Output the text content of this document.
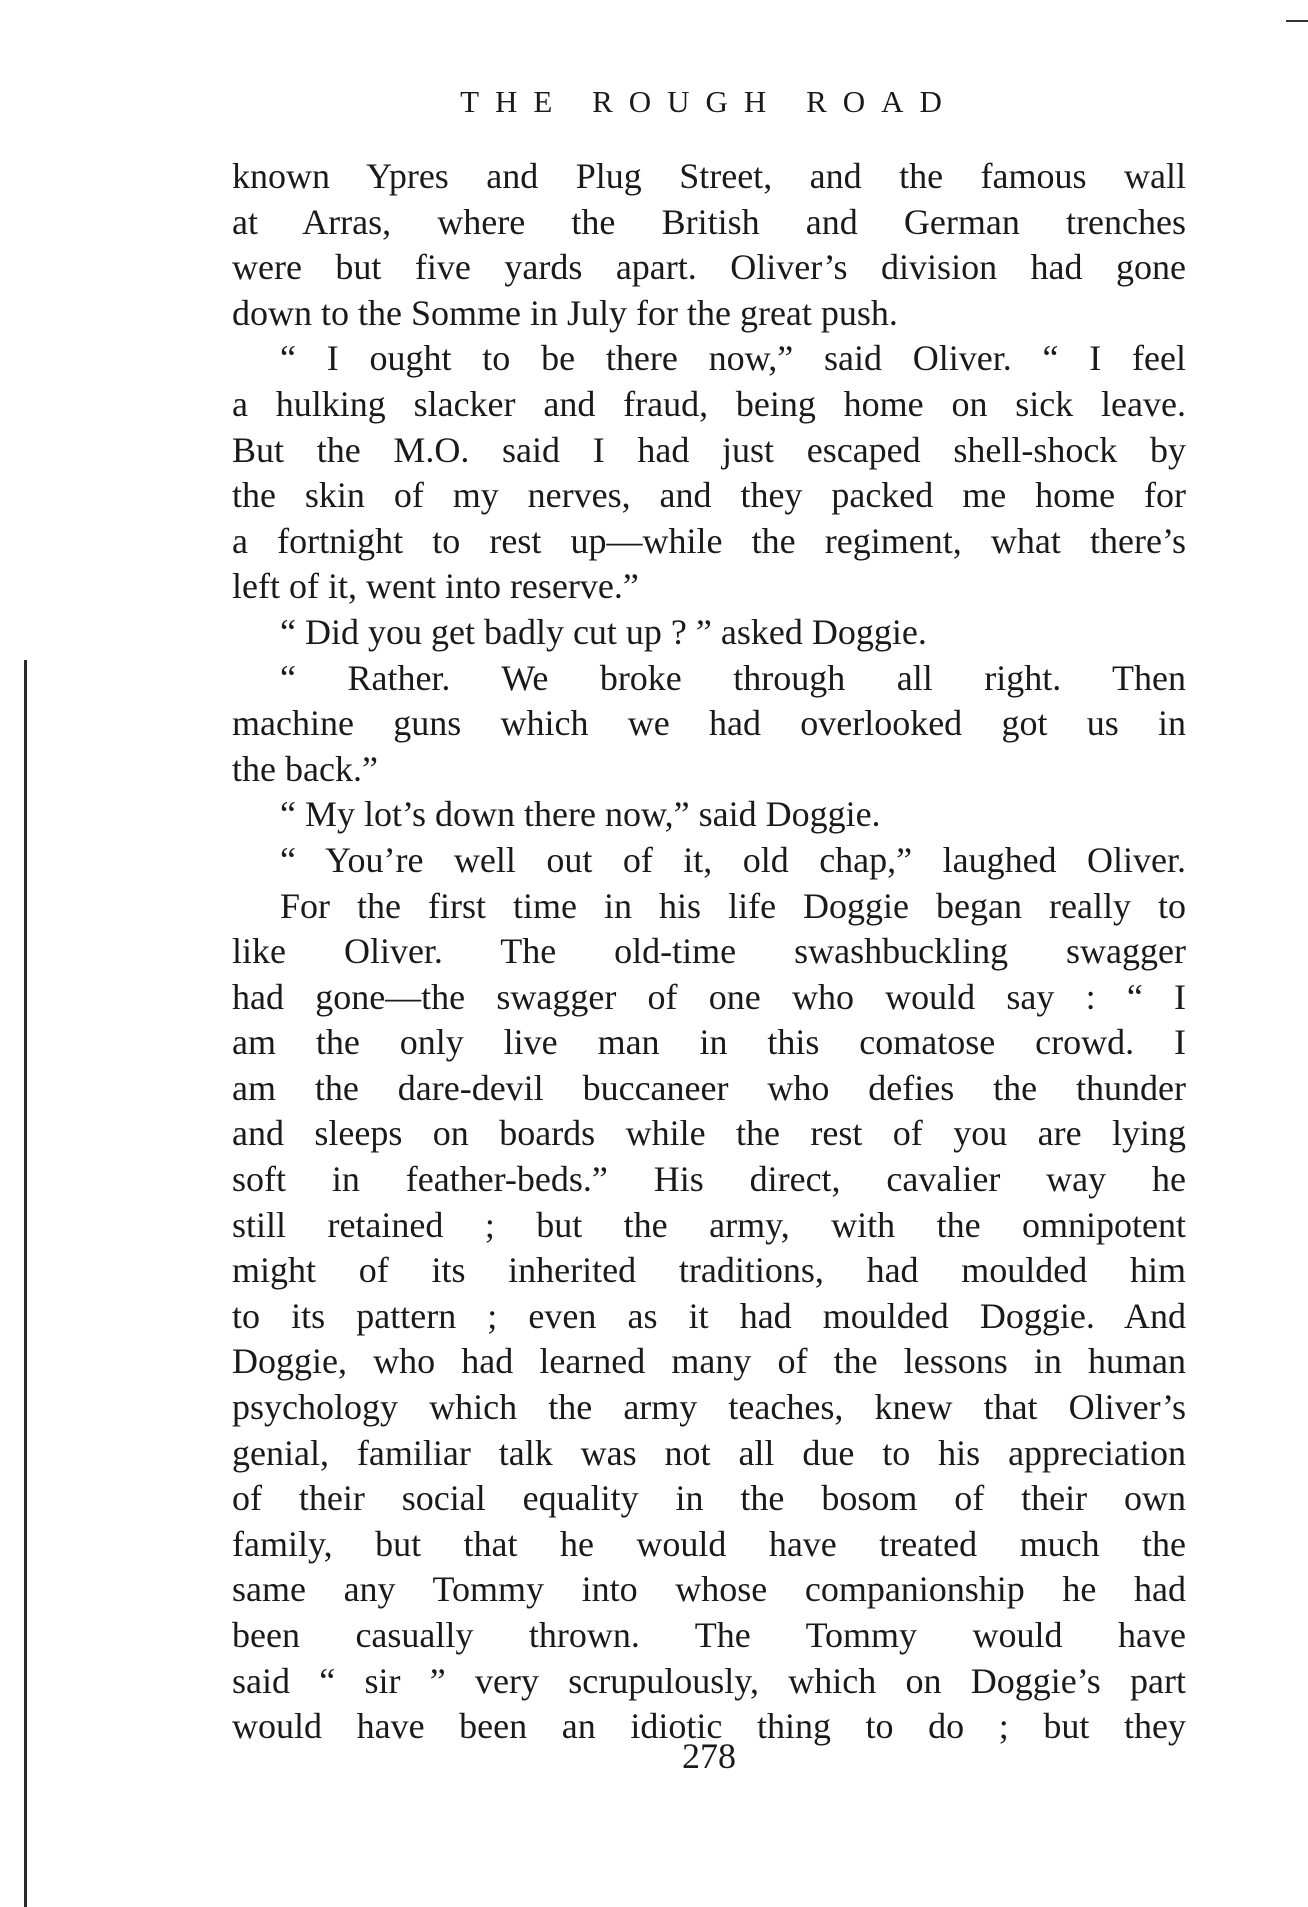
THE ROUGH ROAD
known Ypres and Plug Street, and the famous wall
at Arras, where the British and German trenches
were but five yards apart. Oliver’s division had gone
down to the Somme in July for the great push.
“ I ought to be there now,” said Oliver. “ I feel
a hulking slacker and fraud, being home on sick leave.
But the M.O. said I had just escaped shell-shock by
the skin of my nerves, and they packed me home for
a fortnight to rest up—while the regiment, what there’s
left of it, went into reserve.”
“ Did you get badly cut up ? ” asked Doggie.
“ Rather. We broke through all right. Then
machine guns which we had overlooked got us in
the back.”
“ My lot’s down there now,” said Doggie.
“ You’re well out of it, old chap,” laughed Oliver.
For the first time in his life Doggie began really to
like Oliver. The old-time swashbuckling swagger
had gone—the swagger of one who would say : “ I
am the only live man in this comatose crowd. I
am the dare-devil buccaneer who defies the thunder
and sleeps on boards while the rest of you are lying
soft in feather-beds.” His direct, cavalier way he
still retained ; but the army, with the omnipotent
might of its inherited traditions, had moulded him
to its pattern ; even as it had moulded Doggie. And
Doggie, who had learned many of the lessons in human
psychology which the army teaches, knew that Oliver’s
genial, familiar talk was not all due to his appreciation
of their social equality in the bosom of their own
family, but that he would have treated much the
same any Tommy into whose companionship he had
been casually thrown. The Tommy would have
said “ sir ” very scrupulously, which on Doggie’s part
would have been an idiotic thing to do ; but they
278
